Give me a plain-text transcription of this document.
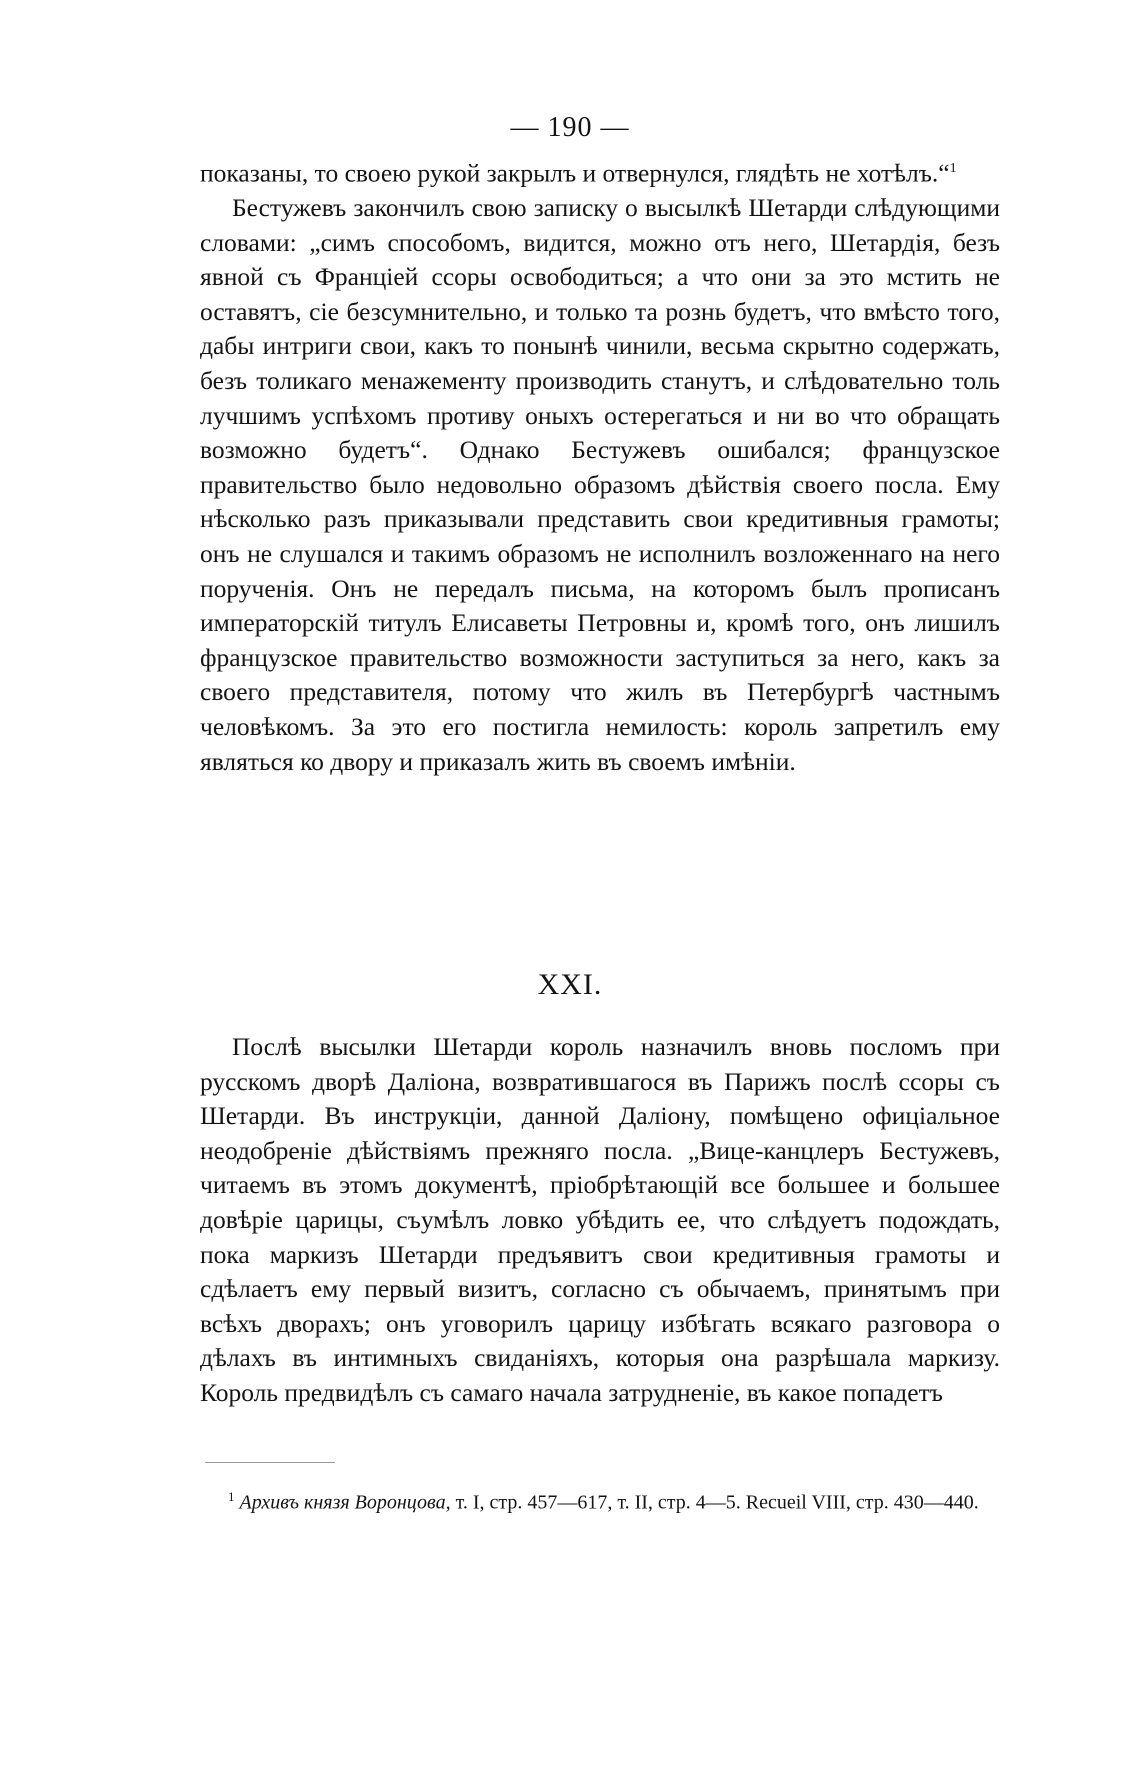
— 190 —

показаны, то своею рукой закрылъ и отвернулся, глядѣть не хотѣлъ.“$^1$

Бестужевъ закончилъ свою записку о высылкѣ Шетарди слѣдующими словами: „симъ способомъ, видится, можно отъ него, Шетардія, безъ явной съ Франціей ссоры освободиться; а что они за это мстить не оставятъ, сіе безсумнительно, и только та рознь будетъ, что вмѣсто того, дабы интриги свои, какъ то понынѣ чинили, весьма скрытно содержать, безъ толикаго менажементу производить станутъ, и слѣдовательно толь лучшимъ успѣхомъ противу оныхъ остерегаться и ни во что обращать возможно будетъ“. Однако Бестужевъ ошибался; французское правительство было недовольно образомъ дѣйствія своего посла. Ему нѣсколько разъ приказывали представить свои кредитивныя грамоты; онъ не слушался и такимъ образомъ не исполнилъ возложеннаго на него порученія. Онъ не передалъ письма, на которомъ былъ прописанъ императорскій титулъ Елисаветы Петровны и, кромѣ того, онъ лишилъ французское правительство возможности заступиться за него, какъ за своего представителя, потому что жилъ въ Петербургѣ частнымъ человѣкомъ. За это его постигла немилость: король запретилъ ему являться ко двору и приказалъ жить въ своемъ имѣніи.

XXI.

Послѣ высылки Шетарди король назначилъ вновь посломъ при русскомъ дворѣ Даліона, возвратившагося въ Парижъ послѣ ссоры съ Шетарди. Въ инструкціи, данной Даліону, помѣщено офиціальное неодобреніе дѣйствіямъ прежняго посла. „Вице-канцлеръ Бестужевъ, читаемъ въ этомъ документѣ, пріобрѣтающій все большее и большее довѣріе царицы, съумѣлъ ловко убѣдить ее, что слѣдуетъ подождать, пока маркизъ Шетарди предъявитъ свои кредитивныя грамоты и сдѣлаетъ ему первый визитъ, согласно съ обычаемъ, принятымъ при всѣхъ дворахъ; онъ уговорилъ царицу избѣгать всякаго разговора о дѣлахъ въ интимныхъ свиданіяхъ, которыя она разрѣшала маркизу. Король предвидѣлъ съ самаго начала затрудненіе, въ какое попадетъ

$^1$ Архивъ князя Воронцова, т. I, стр. 457—617, т. II, стр. 4—5. Recueil VIII, стр. 430—440.
